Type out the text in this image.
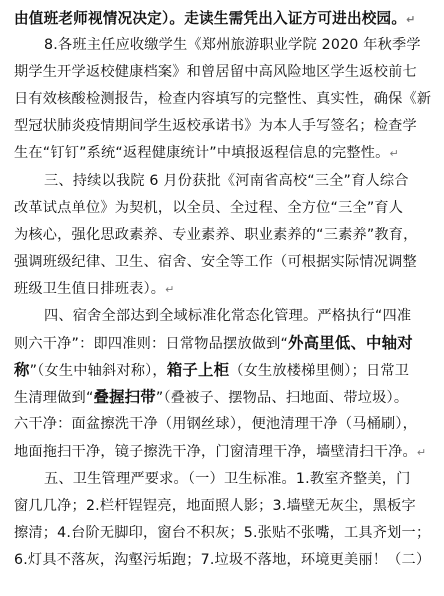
由值班老师视情况决定）。走读生需凭出入证方可进出校园。↵
8.各班主任应收缴学生《郑州旅游职业学院 2020 年秋季学
期学生开学返校健康档案》和曾居留中高风险地区学生返校前七
日有效核酸检测报告，检查内容填写的完整性、真实性，确保《新
型冠状肺炎疫情期间学生返校承诺书》为本人手写签名；检查学
生在“钉钉”系统“返程健康统计”中填报返程信息的完整性。↵
三、持续以我院 6 月份获批《河南省高校“三全”育人综合
改革试点单位》为契机，以全员、全过程、全方位“三全”育人
为核心，强化思政素养、专业素养、职业素养的“三素养”教育，
强调班级纪律、卫生、宿舍、安全等工作（可根据实际情况调整
班级卫生值日排班表）。↵
四、宿舍全部达到全域标准化常态化管理。严格执行“四准
则六干净”：即四准则：日常物品摆放做到“外高里低、中轴对
称”（女生中轴斜对称），箱子上柜（女生放楼梯里侧）；日常卫
生清理做到“叠握扫带”（叠被子、摆物品、扫地面、带垃圾）。
六干净：面盆擦洗干净（用钢丝球），便池清理干净（马桶刷），
地面拖扫干净，镜子擦洗干净，门窗清理干净，墙壁清扫干净。↵
五、卫生管理严要求。（一）卫生标准。1.教室齐整美，门
窗几几净；2.栏杆锃锃亮，地面照人影；3.墙壁无灰尘，黑板字
擦清；4.台阶无脚印，窗台不积灰；5.张贴不张嘴，工具齐划一；
6.灯具不落灰，沟壑污垢跑；7.垃圾不落地，环境更美丽！（二）
